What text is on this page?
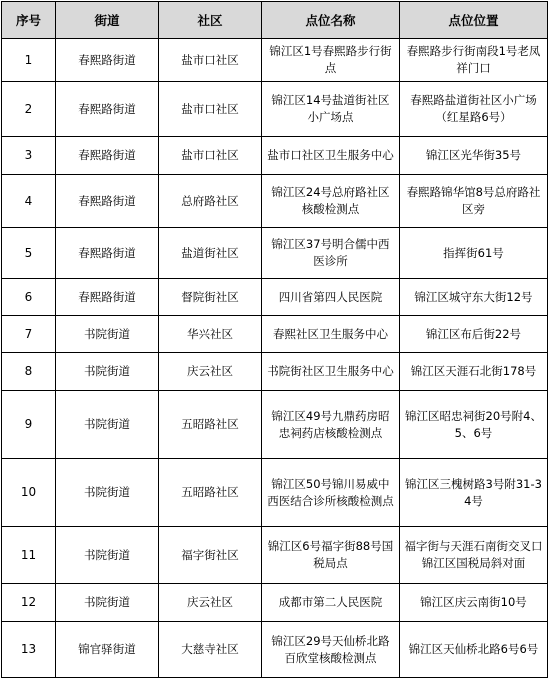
序号	街道	社区	点位名称	点位位置
1	春熙路街道	盐市口社区	锦江区1号春熙路步行街点	春熙路步行街南段1号老凤祥门口
2	春熙路街道	盐市口社区	锦江区14号盐道街社区小广场点	春熙路盐道街社区小广场（红星路6号）
3	春熙路街道	盐市口社区	盐市口社区卫生服务中心	锦江区光华街35号
4	春熙路街道	总府路社区	锦江区24号总府路社区核酸检测点	春熙路锦华馆8号总府路社区旁
5	春熙路街道	盐道街社区	锦江区37号明合儒中西医诊所	指挥街61号
6	春熙路街道	督院街社区	四川省第四人民医院	锦江区城守东大街12号
7	书院街道	华兴社区	春熙社区卫生服务中心	锦江区布后街22号
8	书院街道	庆云社区	书院街社区卫生服务中心	锦江区天涯石北街178号
9	书院街道	五昭路社区	锦江区49号九鼎药房昭忠祠药店核酸检测点	锦江区昭忠祠街20号附4、5、6号
10	书院街道	五昭路社区	锦江区50号锦川易威中西医结合诊所核酸检测点	锦江区三槐树路3号附31-34号
11	书院街道	福字街社区	锦江区6号福字街88号国税局点	福字街与天涯石南街交叉口锦江区国税局斜对面
12	书院街道	庆云社区	成都市第二人民医院	锦江区庆云南街10号
13	锦官驿街道	大慈寺社区	锦江区29号天仙桥北路百欣堂核酸检测点	锦江区天仙桥北路6号6号
